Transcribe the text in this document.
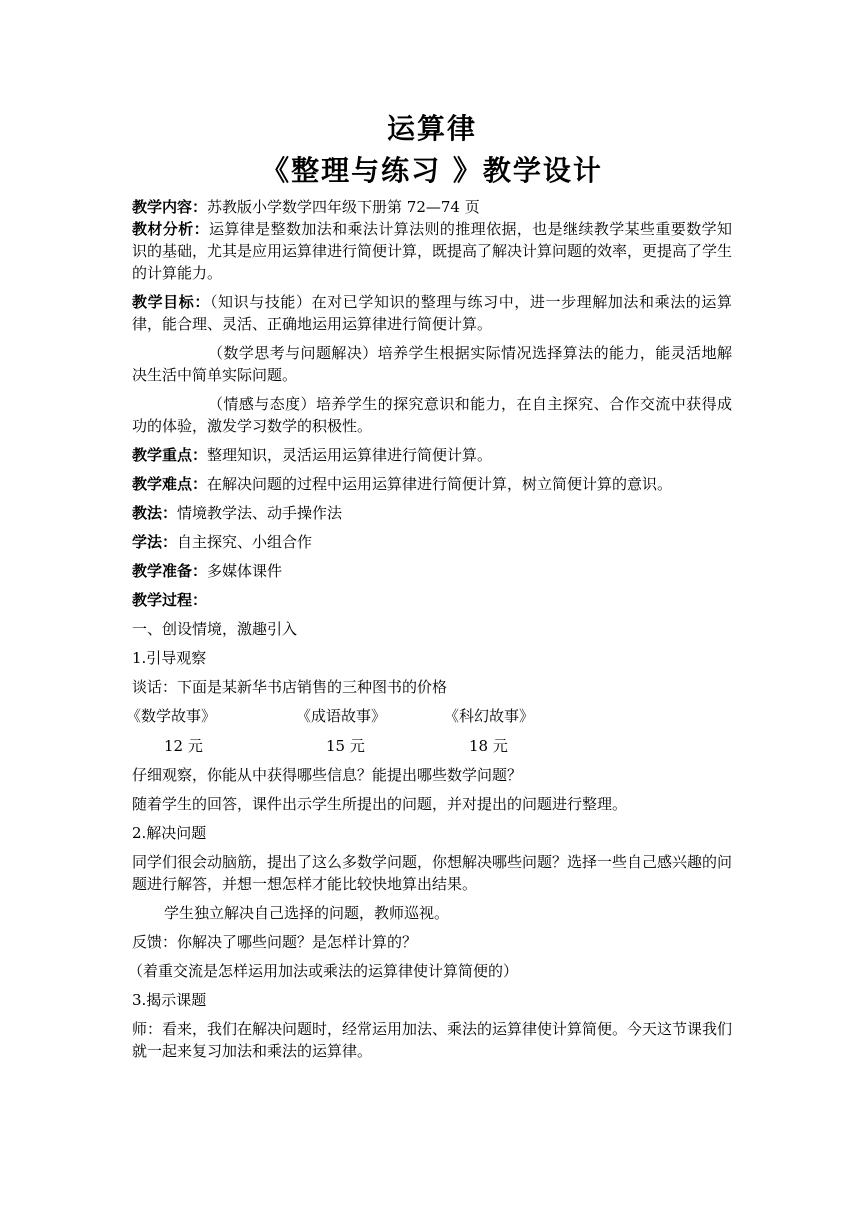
运算律
《整理与练习 》教学设计

教学内容：苏教版小学数学四年级下册第 72—74 页

教材分析：运算律是整数加法和乘法计算法则的推理依据，也是继续教学某些重要数学知识的基础，尤其是应用运算律进行简便计算，既提高了解决计算问题的效率，更提高了学生的计算能力。

教学目标：（知识与技能）在对已学知识的整理与练习中，进一步理解加法和乘法的运算律，能合理、灵活、正确地运用运算律进行简便计算。

（数学思考与问题解决）培养学生根据实际情况选择算法的能力，能灵活地解决生活中简单实际问题。

（情感与态度）培养学生的探究意识和能力，在自主探究、合作交流中获得成功的体验，激发学习数学的积极性。

教学重点：整理知识，灵活运用运算律进行简便计算。

教学难点：在解决问题的过程中运用运算律进行简便计算，树立简便计算的意识。

教法：情境教学法、动手操作法

学法：自主探究、小组合作

教学准备：多媒体课件

教学过程：

一、创设情境，激趣引入

1.引导观察

谈话：下面是某新华书店销售的三种图书的价格

《数学故事》	《成语故事》	《科幻故事》
12 元	15 元	18 元

仔细观察，你能从中获得哪些信息？能提出哪些数学问题？

随着学生的回答，课件出示学生所提出的问题，并对提出的问题进行整理。

2.解决问题

同学们很会动脑筋，提出了这么多数学问题，你想解决哪些问题？选择一些自己感兴趣的问题进行解答，并想一想怎样才能比较快地算出结果。

学生独立解决自己选择的问题，教师巡视。

反馈：你解决了哪些问题？是怎样计算的？

（着重交流是怎样运用加法或乘法的运算律使计算简便的）

3.揭示课题

师：看来，我们在解决问题时，经常运用加法、乘法的运算律使计算简便。今天这节课我们就一起来复习加法和乘法的运算律。
